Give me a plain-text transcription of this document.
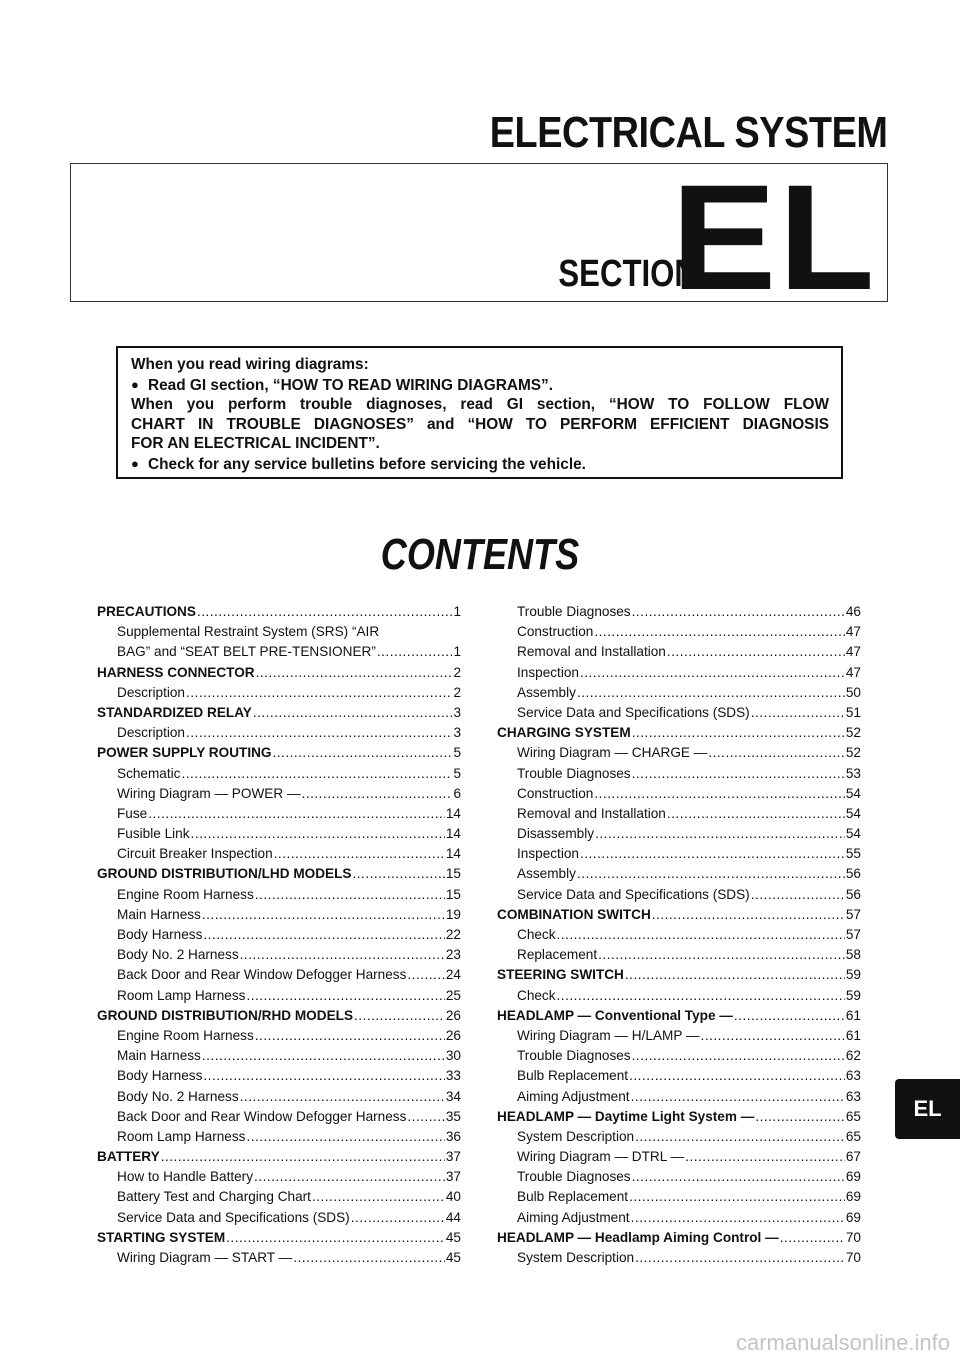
ELECTRICAL SYSTEM
SECTION
EL
When you read wiring diagrams:
● Read GI section, “HOW TO READ WIRING DIAGRAMS”.
When you perform trouble diagnoses, read GI section, “HOW TO FOLLOW FLOW
CHART IN TROUBLE DIAGNOSES” and “HOW TO PERFORM EFFICIENT DIAGNOSIS
FOR AN ELECTRICAL INCIDENT”.
● Check for any service bulletins before servicing the vehicle.
CONTENTS
PRECAUTIONS .....	1
Supplemental Restraint System (SRS) “AIR
BAG” and “SEAT BELT PRE-TENSIONER” .....	1
HARNESS CONNECTOR .....	2
Description .....	2
STANDARDIZED RELAY .....	3
Description .....	3
POWER SUPPLY ROUTING .....	5
Schematic .....	5
Wiring Diagram — POWER — .....	6
Fuse .....	14
Fusible Link .....	14
Circuit Breaker Inspection .....	14
GROUND DISTRIBUTION/LHD MODELS .....	15
Engine Room Harness .....	15
Main Harness .....	19
Body Harness .....	22
Body No. 2 Harness .....	23
Back Door and Rear Window Defogger Harness .....	24
Room Lamp Harness .....	25
GROUND DISTRIBUTION/RHD MODELS .....	26
Engine Room Harness .....	26
Main Harness .....	30
Body Harness .....	33
Body No. 2 Harness .....	34
Back Door and Rear Window Defogger Harness .....	35
Room Lamp Harness .....	36
BATTERY .....	37
How to Handle Battery .....	37
Battery Test and Charging Chart .....	40
Service Data and Specifications (SDS) .....	44
STARTING SYSTEM .....	45
Wiring Diagram — START — .....	45
Trouble Diagnoses .....	46
Construction .....	47
Removal and Installation .....	47
Inspection .....	47
Assembly .....	50
Service Data and Specifications (SDS) .....	51
CHARGING SYSTEM .....	52
Wiring Diagram — CHARGE — .....	52
Trouble Diagnoses .....	53
Construction .....	54
Removal and Installation .....	54
Disassembly .....	54
Inspection .....	55
Assembly .....	56
Service Data and Specifications (SDS) .....	56
COMBINATION SWITCH .....	57
Check .....	57
Replacement .....	58
STEERING SWITCH .....	59
Check .....	59
HEADLAMP — Conventional Type — .....	61
Wiring Diagram — H/LAMP — .....	61
Trouble Diagnoses .....	62
Bulb Replacement .....	63
Aiming Adjustment .....	63
HEADLAMP — Daytime Light System — .....	65
System Description .....	65
Wiring Diagram — DTRL — .....	67
Trouble Diagnoses .....	69
Bulb Replacement .....	69
Aiming Adjustment .....	69
HEADLAMP — Headlamp Aiming Control — .....	70
System Description .....	70
EL
carmanualsonline.info
